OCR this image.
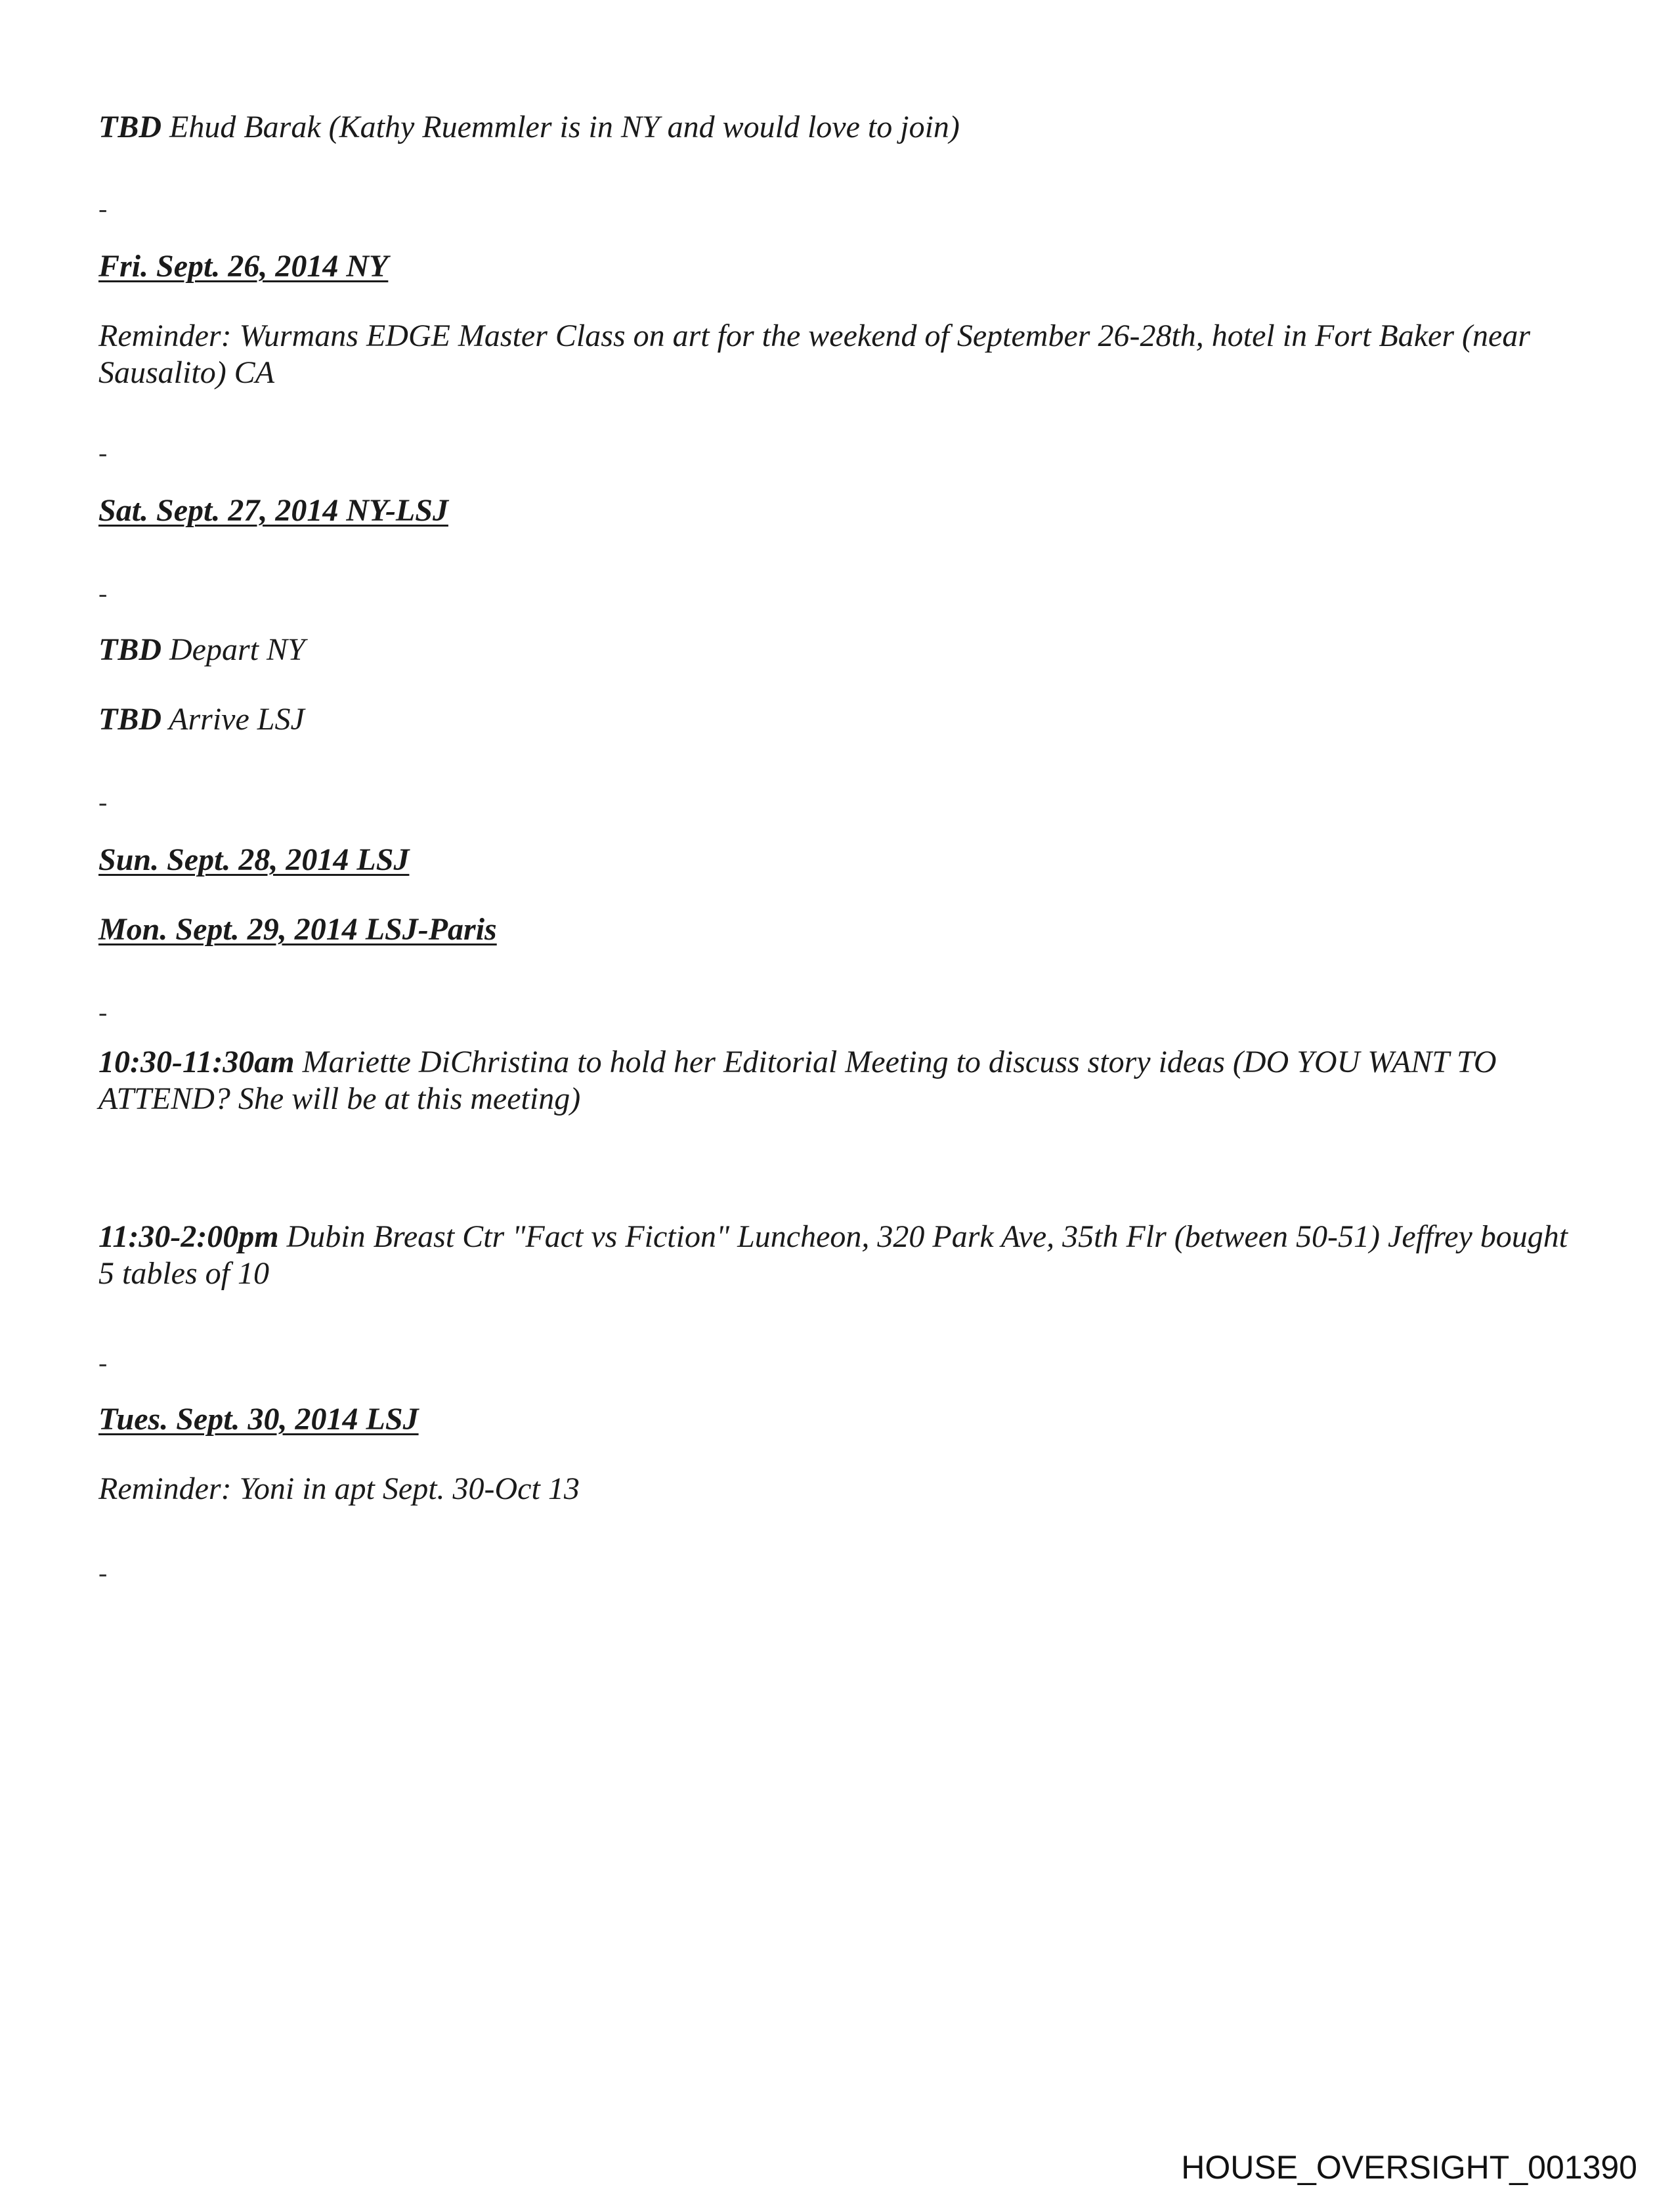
TBD Ehud Barak (Kathy Ruemmler is in NY and would love to join)
-
Fri. Sept. 26, 2014 NY
Reminder: Wurmans EDGE Master Class on art for the weekend of September 26-28th, hotel in Fort Baker (near Sausalito) CA
-
Sat. Sept. 27, 2014 NY-LSJ
-
TBD Depart NY
TBD Arrive LSJ
-
Sun. Sept. 28, 2014 LSJ
Mon. Sept. 29, 2014 LSJ-Paris
-
10:30-11:30am Mariette DiChristina to hold her Editorial Meeting to discuss story ideas (DO YOU WANT TO ATTEND? She will be at this meeting)
11:30-2:00pm Dubin Breast Ctr "Fact vs Fiction" Luncheon, 320 Park Ave, 35th Flr (between 50-51) Jeffrey bought 5 tables of 10
-
Tues. Sept. 30, 2014 LSJ
Reminder: Yoni in apt Sept. 30-Oct 13
-
HOUSE_OVERSIGHT_001390
